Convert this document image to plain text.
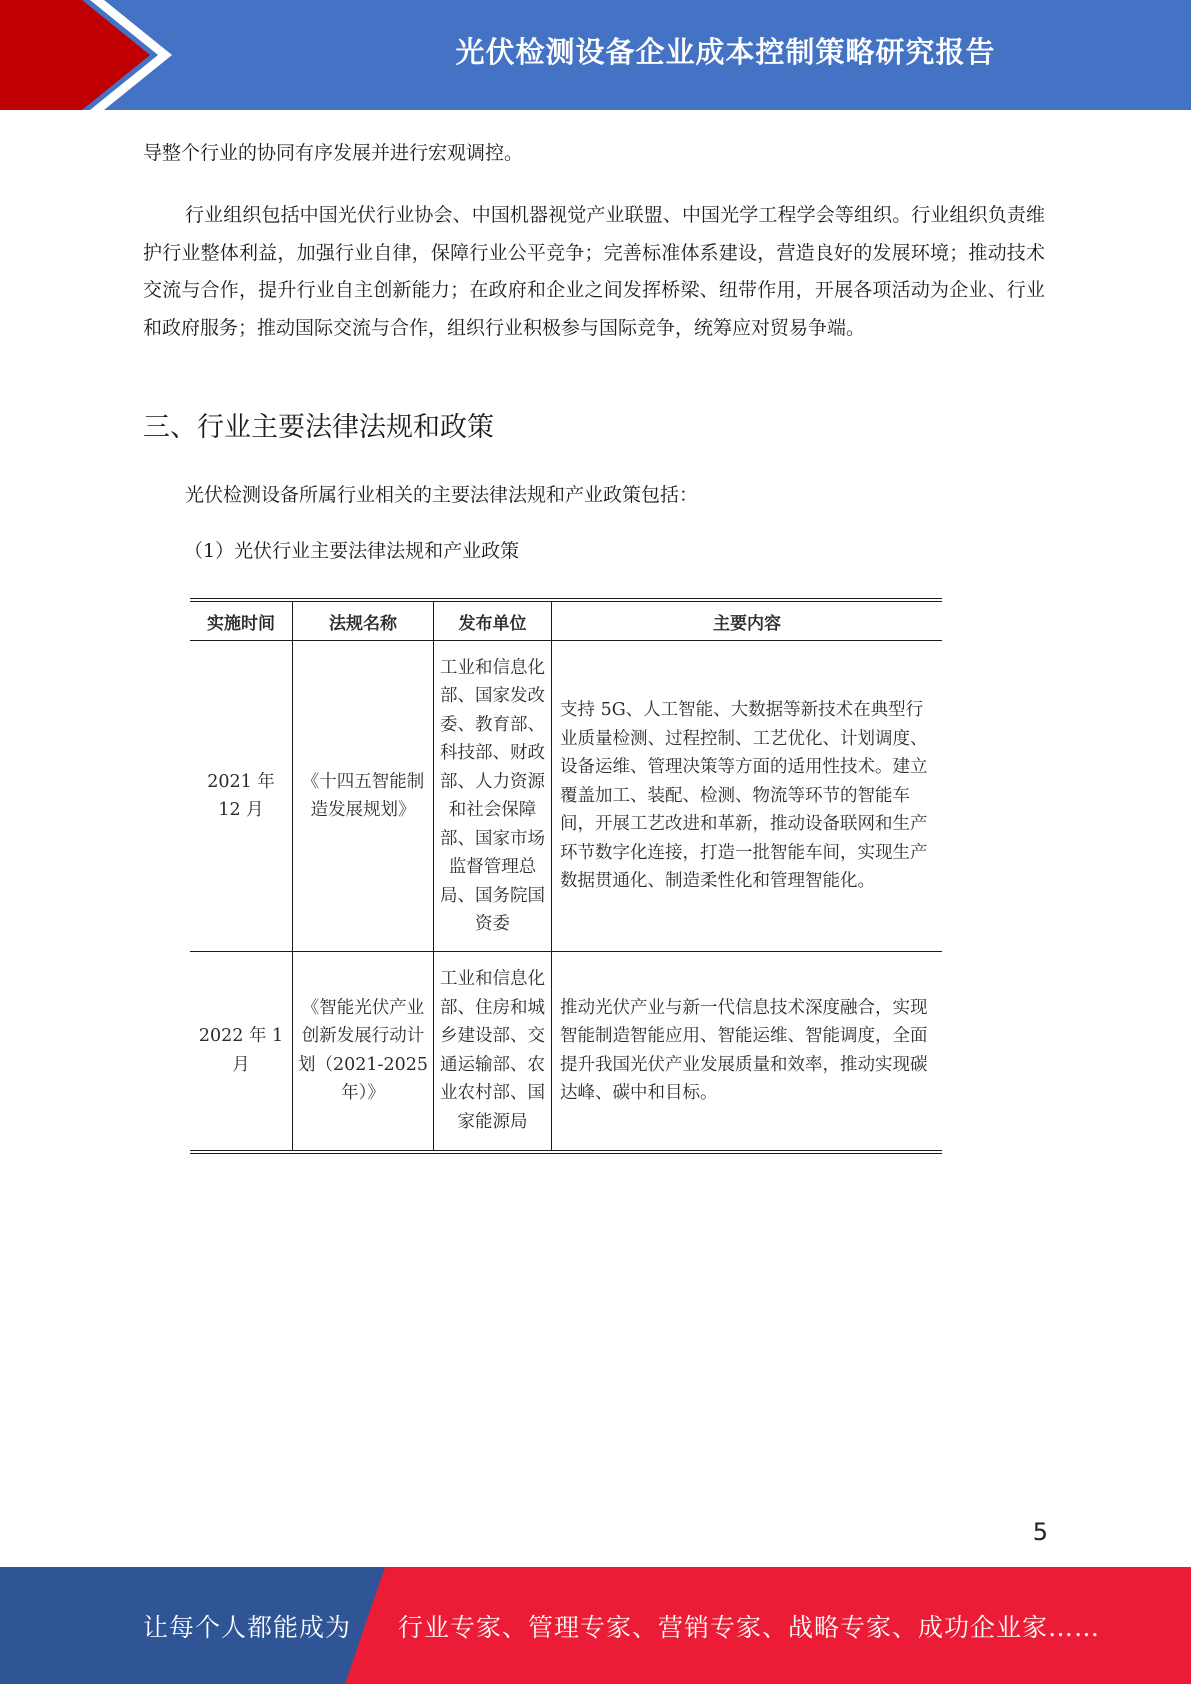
光伏检测设备企业成本控制策略研究报告

导整个行业的协同有序发展并进行宏观调控。

行业组织包括中国光伏行业协会、中国机器视觉产业联盟、中国光学工程学会等组织。行业组织负责维护行业整体利益，加强行业自律，保障行业公平竞争；完善标准体系建设，营造良好的发展环境；推动技术交流与合作，提升行业自主创新能力；在政府和企业之间发挥桥梁、纽带作用，开展各项活动为企业、行业和政府服务；推动国际交流与合作，组织行业积极参与国际竞争，统筹应对贸易争端。

三、行业主要法律法规和政策

光伏检测设备所属行业相关的主要法律法规和产业政策包括：

（1）光伏行业主要法律法规和产业政策

实施时间	法规名称	发布单位	主要内容
2021 年 12 月	《十四五智能制造发展规划》	工业和信息化部、国家发改委、教育部、科技部、财政部、人力资源和社会保障部、国家市场监督管理总局、国务院国资委	支持 5G、人工智能、大数据等新技术在典型行业质量检测、过程控制、工艺优化、计划调度、设备运维、管理决策等方面的适用性技术。建立覆盖加工、装配、检测、物流等环节的智能车间，开展工艺改进和革新，推动设备联网和生产环节数字化连接，打造一批智能车间，实现生产数据贯通化、制造柔性化和管理智能化。
2022 年 1 月	《智能光伏产业创新发展行动计划（2021-2025 年）》	工业和信息化部、住房和城乡建设部、交通运输部、农业农村部、国家能源局	推动光伏产业与新一代信息技术深度融合，实现智能制造智能应用、智能运维、智能调度，全面提升我国光伏产业发展质量和效率，推动实现碳达峰、碳中和目标。
5
让每个人都能成为 行业专家、管理专家、营销专家、战略专家、成功企业家……
